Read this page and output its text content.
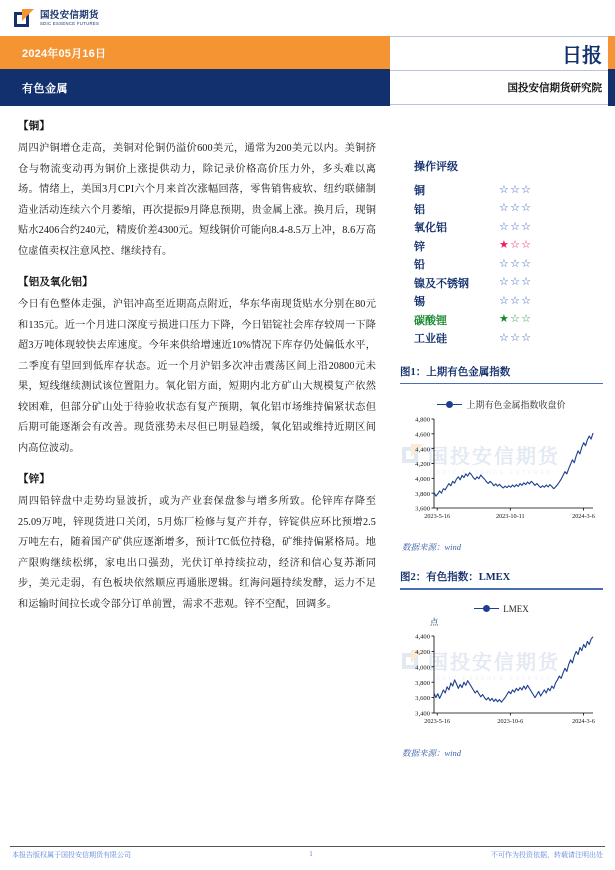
国投安信期货
SDIC ESSENCE FUTURES
2024年05月16日
有色金属
日报
国投安信期货研究院
【铜】

周四沪铜增仓走高，美铜对伦铜仍溢价600美元，通常为200美元以内。美铜挤仓与物流变动再为铜价上涨提供动力，除记录价格高价压力外，多头难以离场。情绪上，美国3月CPI六个月来首次涨幅回落，零售销售疲软、纽约联储制造业活动连续六个月萎缩，再次提振9月降息预期，贵金属上涨。换月后，现铜贴水2406合约240元，精废价差4300元。短线铜价可能向8.4-8.5万上冲，8.6万高位虚值卖权注意风控、继续持有。

【铝及氧化铝】

今日有色整体走强，沪铝冲高至近期高点附近，华东华南现货贴水分别在80元和135元。近一个月进口深度亏损进口压力下降，今日铝锭社会库存较周一下降超3万吨体现较快去库速度。今年来供给增速近10%情况下库存仍处偏低水平，二季度有望回到低库存状态。近一个月沪铝多次冲击震荡区间上沿20800元未果，短线继续测试该位置阻力。氧化铝方面，短期内北方矿山大规模复产依然较困难，但部分矿山处于待验收状态有复产预期，氧化铝市场维持偏紧状态但后期可能逐渐会有改善。现货涨势未尽但已明显趋缓，氧化铝或维持近期区间内高位波动。

【锌】

周四铅锌盘中走势均显波折，或为产业套保盘参与增多所致。伦锌库存降至25.09万吨，锌现货进口关闭，5月炼厂检修与复产并存，锌锭供应环比预增2.5万吨左右，随着国产矿供应逐渐增多，预计TC低位持稳，矿维持偏紧格局。地产限购继续松绑，家电出口强劲，光伏订单持续拉动，经济和信心复苏渐同步，美元走弱，有色板块依然顺应再通胀逻辑。红海问题持续发酵，运力不足和运输时间拉长或令部分订单前置，需求不悲观。锌不空配，回调多。

操作评级
铜	☆☆☆
铝	☆☆☆
氧化铝	☆☆☆
锌	★☆☆
铅	☆☆☆
镍及不锈钢	☆☆☆
锡	☆☆☆
碳酸锂	★☆☆
工业硅	☆☆☆
图1：上期有色金属指数
国投安信期货
SDIC ESSENCE FUTURES
上期有色金属指数收盘价
3,600
3,800
4,000
4,200
4,400
4,600
4,800
2023-5-16	2023-10-11	2024-3-6
数据来源：wind
图2：有色指数：LMEX
国投安信期货
SDIC ESSENCE FUTURES
LMEX
点
3,400
3,600
3,800
4,000
4,200
4,400
2023-5-16	2023-10-6	2024-3-6
数据来源：wind
本报告版权属于国投安信期货有限公司	1	不可作为投资依据，转载请注明出处
